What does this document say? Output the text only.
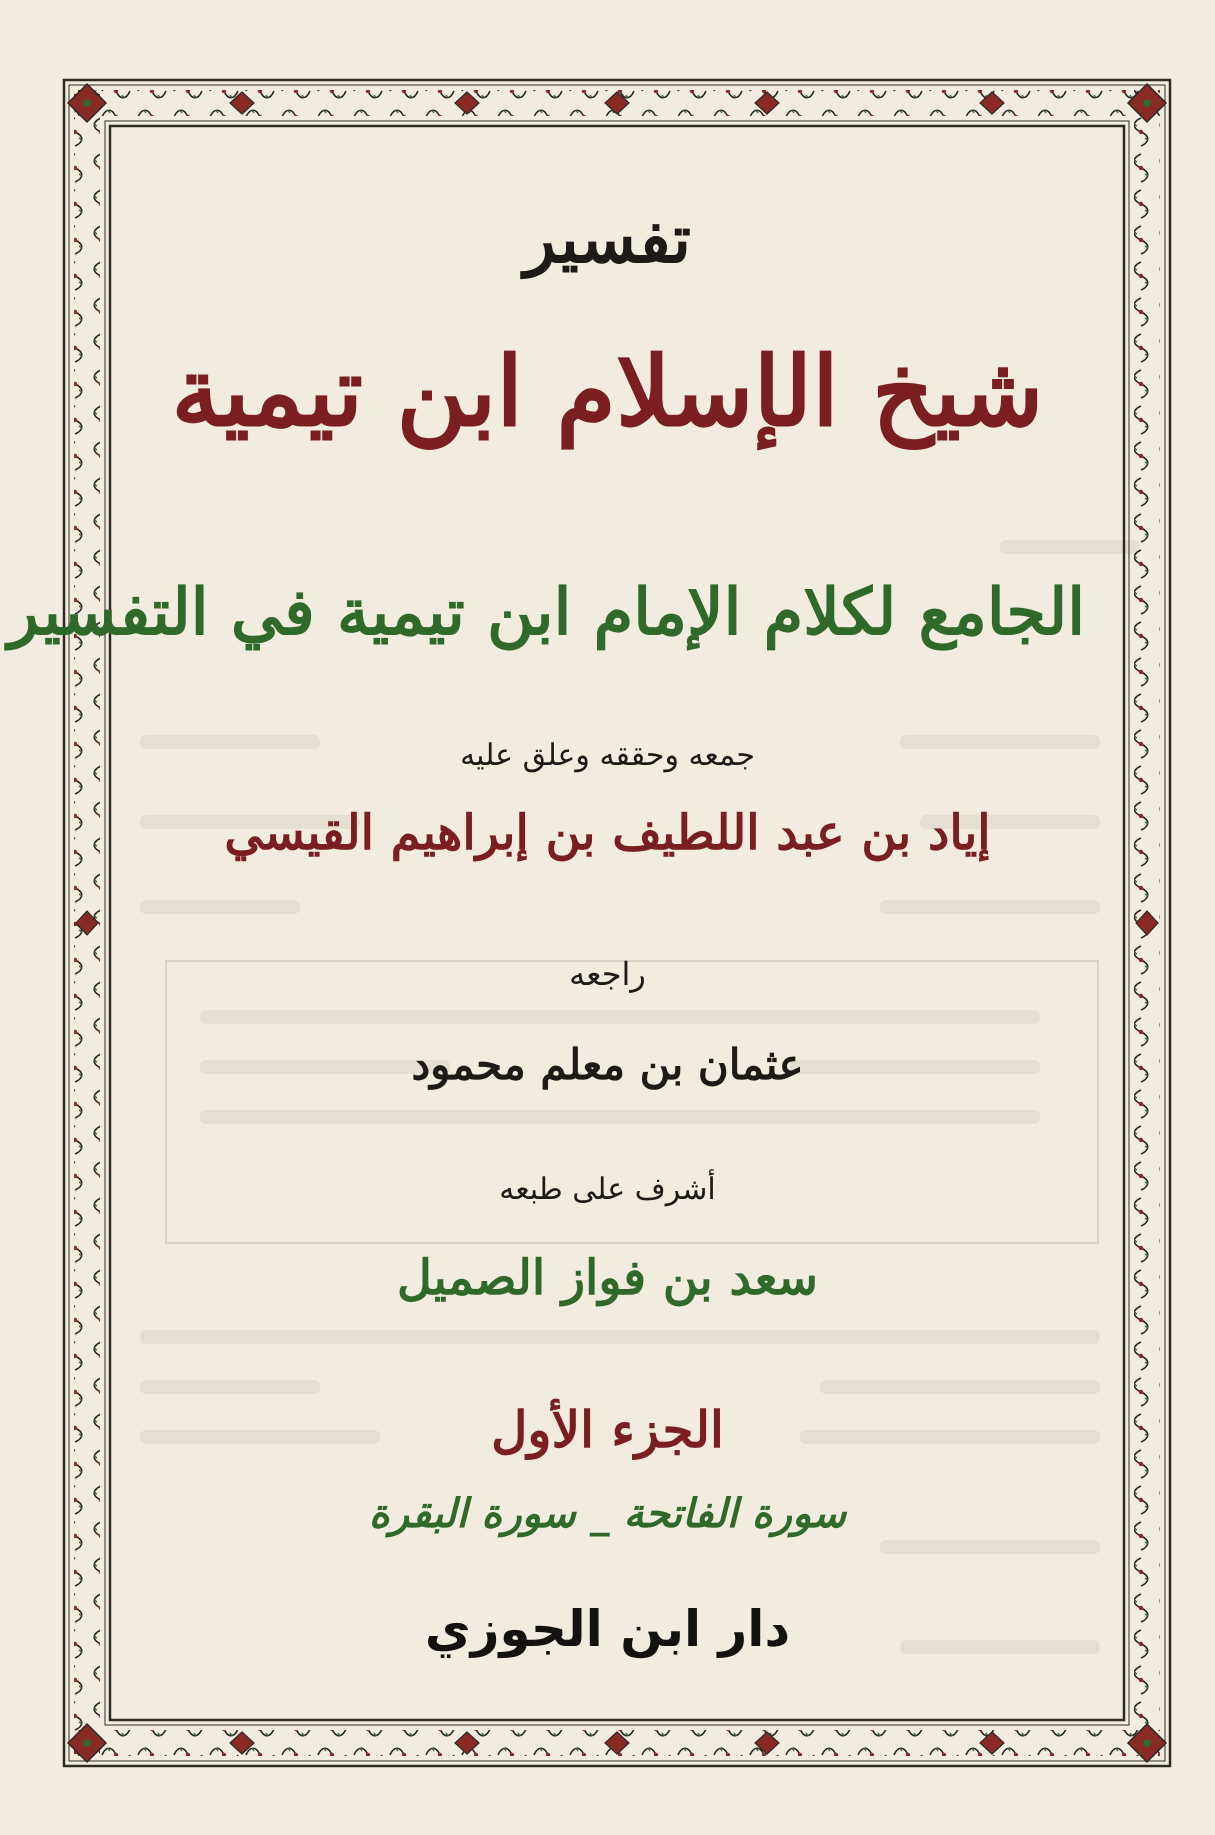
تفسير
شيخ الإسلام ابن تيمية
الجامع لكلام الإمام ابن تيمية في التفسير
جمعه وحققه وعلق عليه
إياد بن عبد اللطيف بن إبراهيم القيسي
راجعه
عثمان بن معلم محمود
أشرف على طبعه
سعد بن فواز الصميل
الجزء الأول
سورة الفاتحة _ سورة البقرة
دار ابن الجوزي
